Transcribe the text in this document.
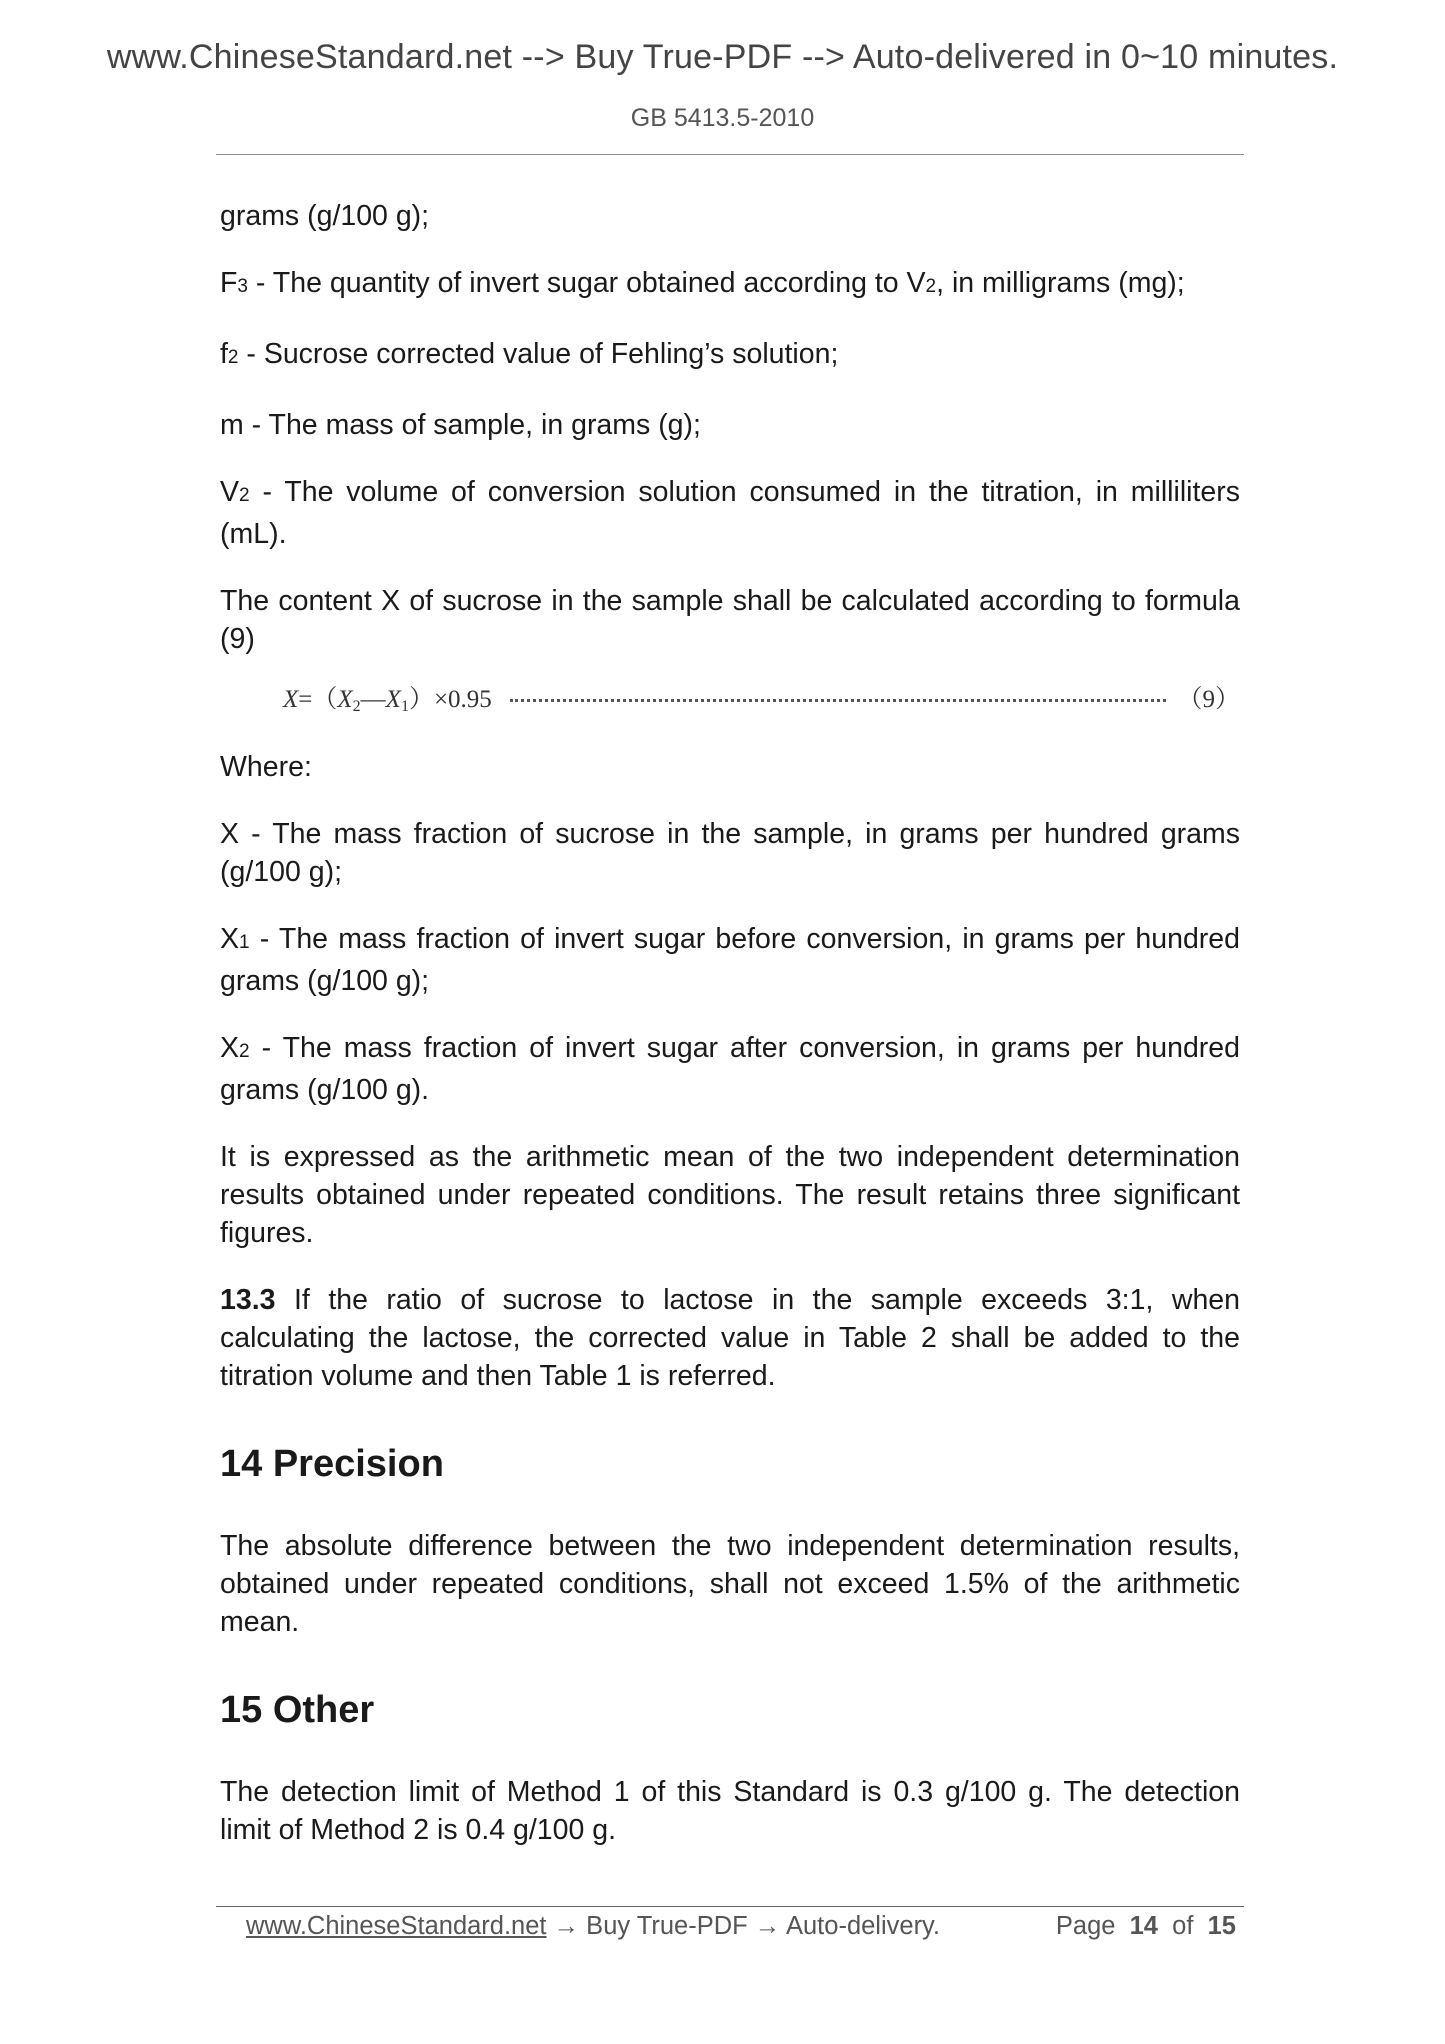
www.ChineseStandard.net --> Buy True-PDF --> Auto-delivered in 0~10 minutes.
GB 5413.5-2010

grams (g/100 g);

F3 - The quantity of invert sugar obtained according to V2, in milligrams (mg);

f2 - Sucrose corrected value of Fehling’s solution;

m - The mass of sample, in grams (g);

V2 - The volume of conversion solution consumed in the titration, in milliliters (mL).

The content X of sucrose in the sample shall be calculated according to formula (9)

$X=(X_2—X_1)\times 0.95$	（9）

Where:

X - The mass fraction of sucrose in the sample, in grams per hundred grams (g/100 g);

X1 - The mass fraction of invert sugar before conversion, in grams per hundred grams (g/100 g);

X2 - The mass fraction of invert sugar after conversion, in grams per hundred grams (g/100 g).

It is expressed as the arithmetic mean of the two independent determination results obtained under repeated conditions. The result retains three significant figures.

13.3 If the ratio of sucrose to lactose in the sample exceeds 3:1, when calculating the lactose, the corrected value in Table 2 shall be added to the titration volume and then Table 1 is referred.

14 Precision

The absolute difference between the two independent determination results, obtained under repeated conditions, shall not exceed 1.5% of the arithmetic mean.

15 Other

The detection limit of Method 1 of this Standard is 0.3 g/100 g. The detection limit of Method 2 is 0.4 g/100 g.

www.ChineseStandard.net → Buy True-PDF → Auto-delivery.	Page 14 of 15
